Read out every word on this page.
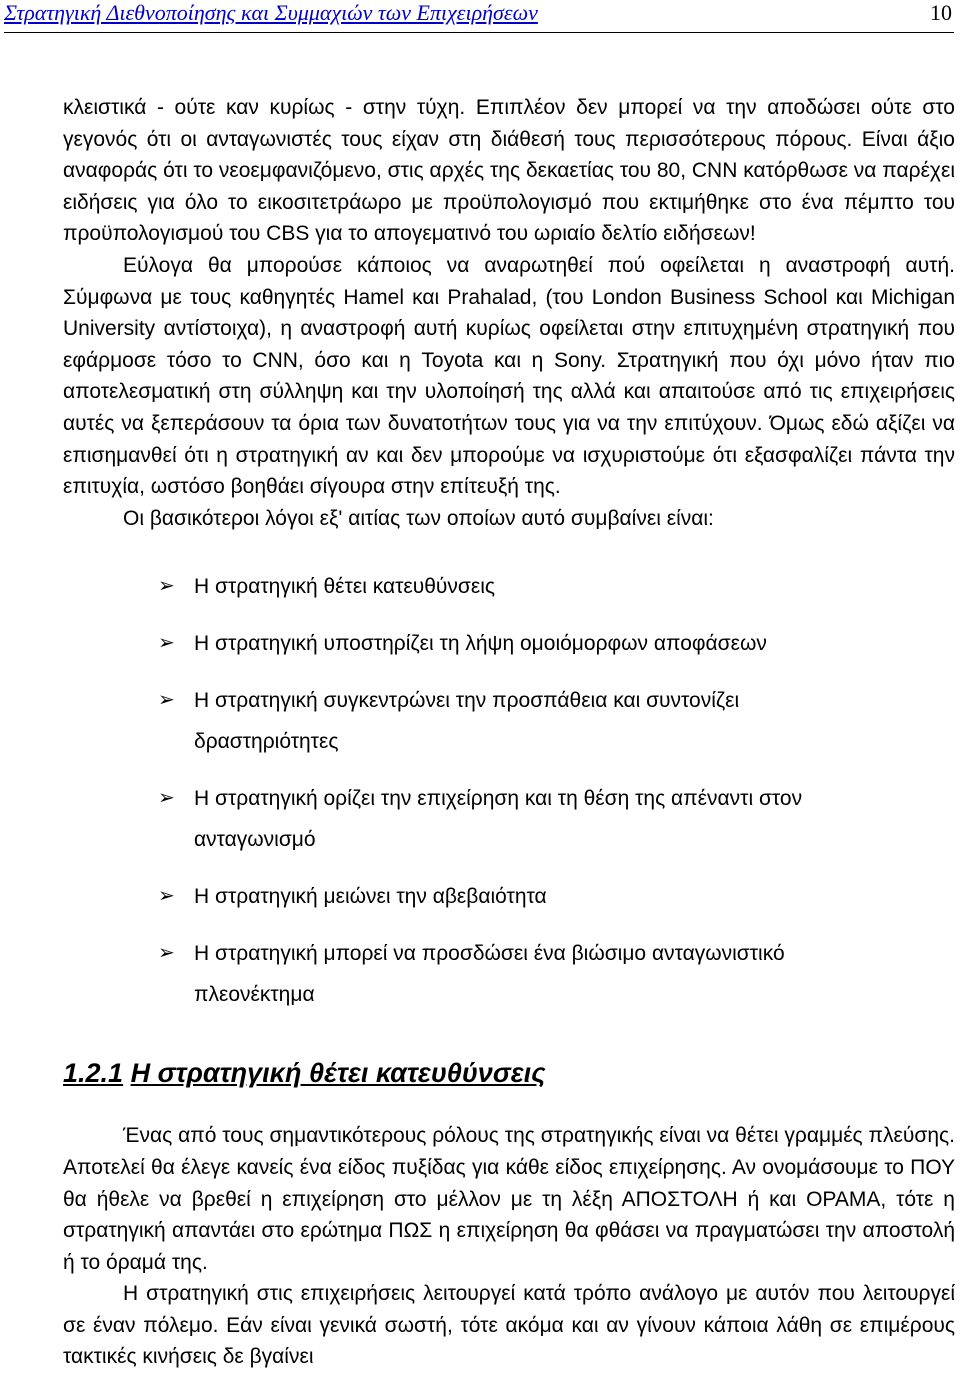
Στρατηγική Διεθνοποίησης και Συμμαχιών των Επιχειρήσεων	10

κλειστικά - ούτε καν κυρίως - στην τύχη. Επιπλέον δεν μπορεί να την αποδώσει ούτε στο γεγονός ότι οι ανταγωνιστές τους είχαν στη διάθεσή τους περισσότερους πόρους. Είναι άξιο αναφοράς ότι το νεοεμφανιζόμενο, στις αρχές της δεκαετίας του 80, CNN κατόρθωσε να παρέχει ειδήσεις για όλο το εικοσιτετράωρο με προϋπολογισμό που εκτιμήθηκε στο ένα πέμπτο του προϋπολογισμού του CBS για το απογεματινό του ωριαίο δελτίο ειδήσεων!

Εύλογα θα μπορούσε κάποιος να αναρωτηθεί πού οφείλεται η αναστροφή αυτή. Σύμφωνα με τους καθηγητές Hamel και Prahalad, (του London Business School και Michigan University αντίστοιχα), η αναστροφή αυτή κυρίως οφείλεται στην επιτυχημένη στρατηγική που εφάρμοσε τόσο το CNN, όσο και η Toyota και η Sony. Στρατηγική που όχι μόνο ήταν πιο αποτελεσματική στη σύλληψη και την υλοποίησή της αλλά και απαιτούσε από τις επιχειρήσεις αυτές να ξεπεράσουν τα όρια των δυνατοτήτων τους για να την επιτύχουν. Όμως εδώ αξίζει να επισημανθεί ότι η στρατηγική αν και δεν μπορούμε να ισχυριστούμε ότι εξασφαλίζει πάντα την επιτυχία, ωστόσο βοηθάει σίγουρα στην επίτευξή της.

Οι βασικότεροι λόγοι εξ' αιτίας των οποίων αυτό συμβαίνει είναι:

➢ Η στρατηγική θέτει κατευθύνσεις
➢ Η στρατηγική υποστηρίζει τη λήψη ομοιόμορφων αποφάσεων
➢ Η στρατηγική συγκεντρώνει την προσπάθεια και συντονίζει δραστηριότητες
➢ Η στρατηγική ορίζει την επιχείρηση και τη θέση της απέναντι στον ανταγωνισμό
➢ Η στρατηγική μειώνει την αβεβαιότητα
➢ Η στρατηγική μπορεί να προσδώσει ένα βιώσιμο ανταγωνιστικό πλεονέκτημα
1.2.1 Η στρατηγική θέτει κατευθύνσεις

Ένας από τους σημαντικότερους ρόλους της στρατηγικής είναι να θέτει γραμμές πλεύσης. Αποτελεί θα έλεγε κανείς ένα είδος πυξίδας για κάθε είδος επιχείρησης. Αν ονομάσουμε το ΠΟΥ θα ήθελε να βρεθεί η επιχείρηση στο μέλλον με τη λέξη ΑΠΟΣΤΟΛΗ ή και ΟΡΑΜΑ, τότε η στρατηγική απαντάει στο ερώτημα ΠΩΣ η επιχείρηση θα φθάσει να πραγματώσει την αποστολή ή το όραμά της.

Η στρατηγική στις επιχειρήσεις λειτουργεί κατά τρόπο ανάλογο με αυτόν που λειτουργεί σε έναν πόλεμο. Εάν είναι γενικά σωστή, τότε ακόμα και αν γίνουν κάποια λάθη σε επιμέρους τακτικές κινήσεις δε βγαίνει
